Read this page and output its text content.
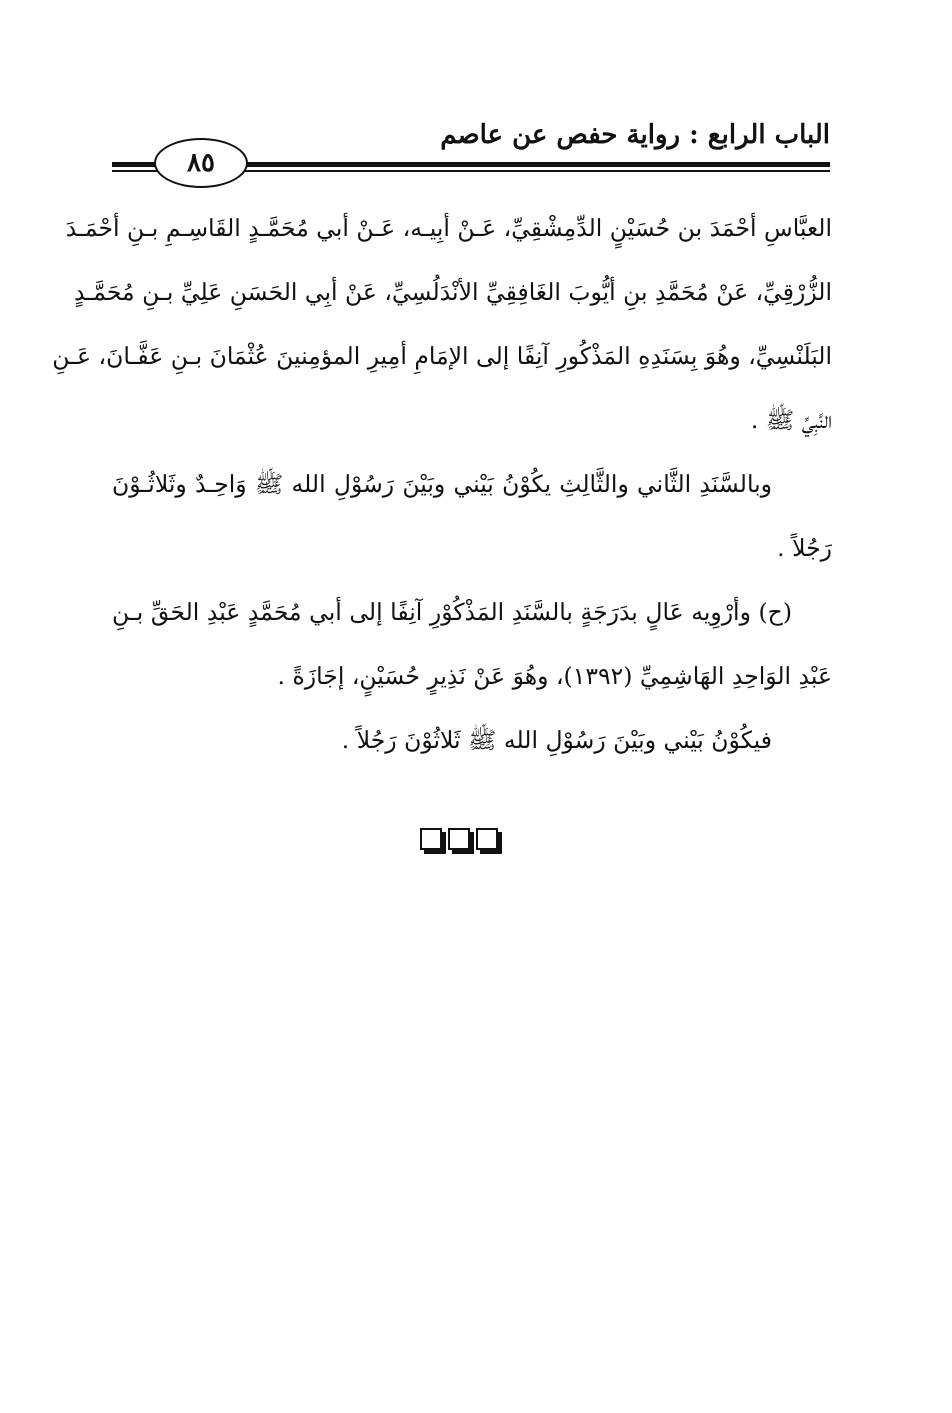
الباب الرابع : رواية حفص عن عاصم
٨٥
العبَّاسِ أحْمَدَ بن حُسَيْنٍ الدِّمِشْقِيِّ، عَـنْ أبِيـه، عَـنْ أبي مُحَمَّـدٍ القَاسِـمِ بـنِ أحْمَـدَ
الزُّرْقِيِّ، عَنْ مُحَمَّدِ بنِ أيُّوبَ الغَافِقِيِّ الأنْدَلُسِيِّ، عَنْ أبِي الحَسَنِ عَلِيِّ بـنِ مُحَمَّـدٍ
البَلَنْسِيِّ، وهُوَ بِسَنَدِهِ المَذْكُورِ آنِفًا إلى الإمَامِ أمِيرِ المؤمِنينَ عُثْمَانَ بـنِ عَفَّـانَ، عَـنِ
النَّبِيِّ ﷺ .
وبالسَّنَدِ الثَّاني والثَّالِثِ يكُوْنُ بَيْني وبَيْنَ رَسُوْلِ الله ﷺ وَاحِـدٌ وثَلاثُـوْنَ
رَجُلاً .
(ح) وأرْوِيه عَالٍ بدَرَجَةٍ بالسَّنَدِ المَذْكُوْرِ آنِفًا إلى أبي مُحَمَّدٍ عَبْدِ الحَقِّ بـنِ
عَبْدِ الوَاحِدِ الهَاشِمِيِّ (١٣٩٢)، وهُوَ عَنْ نَذِيرٍ حُسَيْنٍ، إجَازَةً .
فيكُوْنُ بَيْني وبَيْنَ رَسُوْلِ الله ﷺ ثَلاثُوْنَ رَجُلاً .
